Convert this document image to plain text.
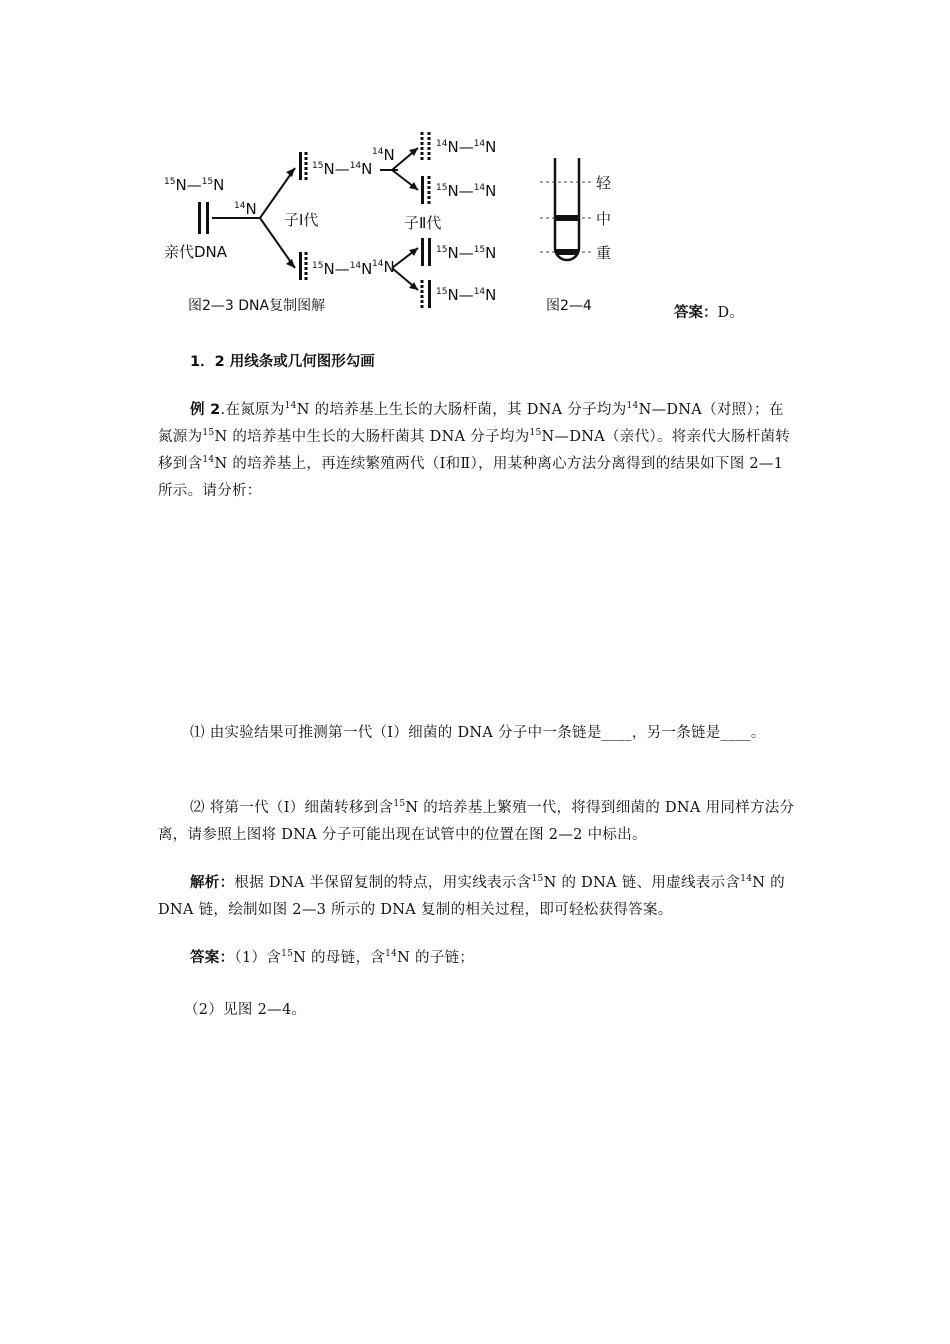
$^{15}$N—$^{15}$N
亲代DNA
$^{14}$N
子I代
$^{15}$N—$^{14}$N
$^{15}$N—$^{14}$N
$^{14}$N
$^{14}$N
子Ⅱ代
$^{14}$N—$^{14}$N
$^{15}$N—$^{14}$N
$^{15}$N—$^{15}$N
$^{15}$N—$^{14}$N
图2—3 DNA复制图解
轻
中
重
图2—4	答案：D。
1．2 用线条或几何图形勾画

例 2.在氮原为$^{14}$N 的培养基上生长的大肠杆菌，其 DNA 分子均为$^{14}$N—DNA（对照）；在氮源为$^{15}$N 的培养基中生长的大肠杆菌其 DNA 分子均为$^{15}$N—DNA（亲代）。将亲代大肠杆菌转移到含$^{14}$N 的培养基上，再连续繁殖两代（Ⅰ和Ⅱ），用某种离心方法分离得到的结果如下图 2—1 所示。请分析：

⑴ 由实验结果可推测第一代（Ⅰ）细菌的 DNA 分子中一条链是____，另一条链是____。

⑵ 将第一代（Ⅰ）细菌转移到含$^{15}$N 的培养基上繁殖一代，将得到细菌的 DNA 用同样方法分离，请参照上图将 DNA 分子可能出现在试管中的位置在图 2—2 中标出。

解析：根据 DNA 半保留复制的特点，用实线表示含$^{15}$N 的 DNA 链、用虚线表示含$^{14}$N 的 DNA 链，绘制如图 2—3 所示的 DNA 复制的相关过程，即可轻松获得答案。

答案：（1）含$^{15}$N 的母链，含$^{14}$N 的子链；

（2）见图 2—4。
